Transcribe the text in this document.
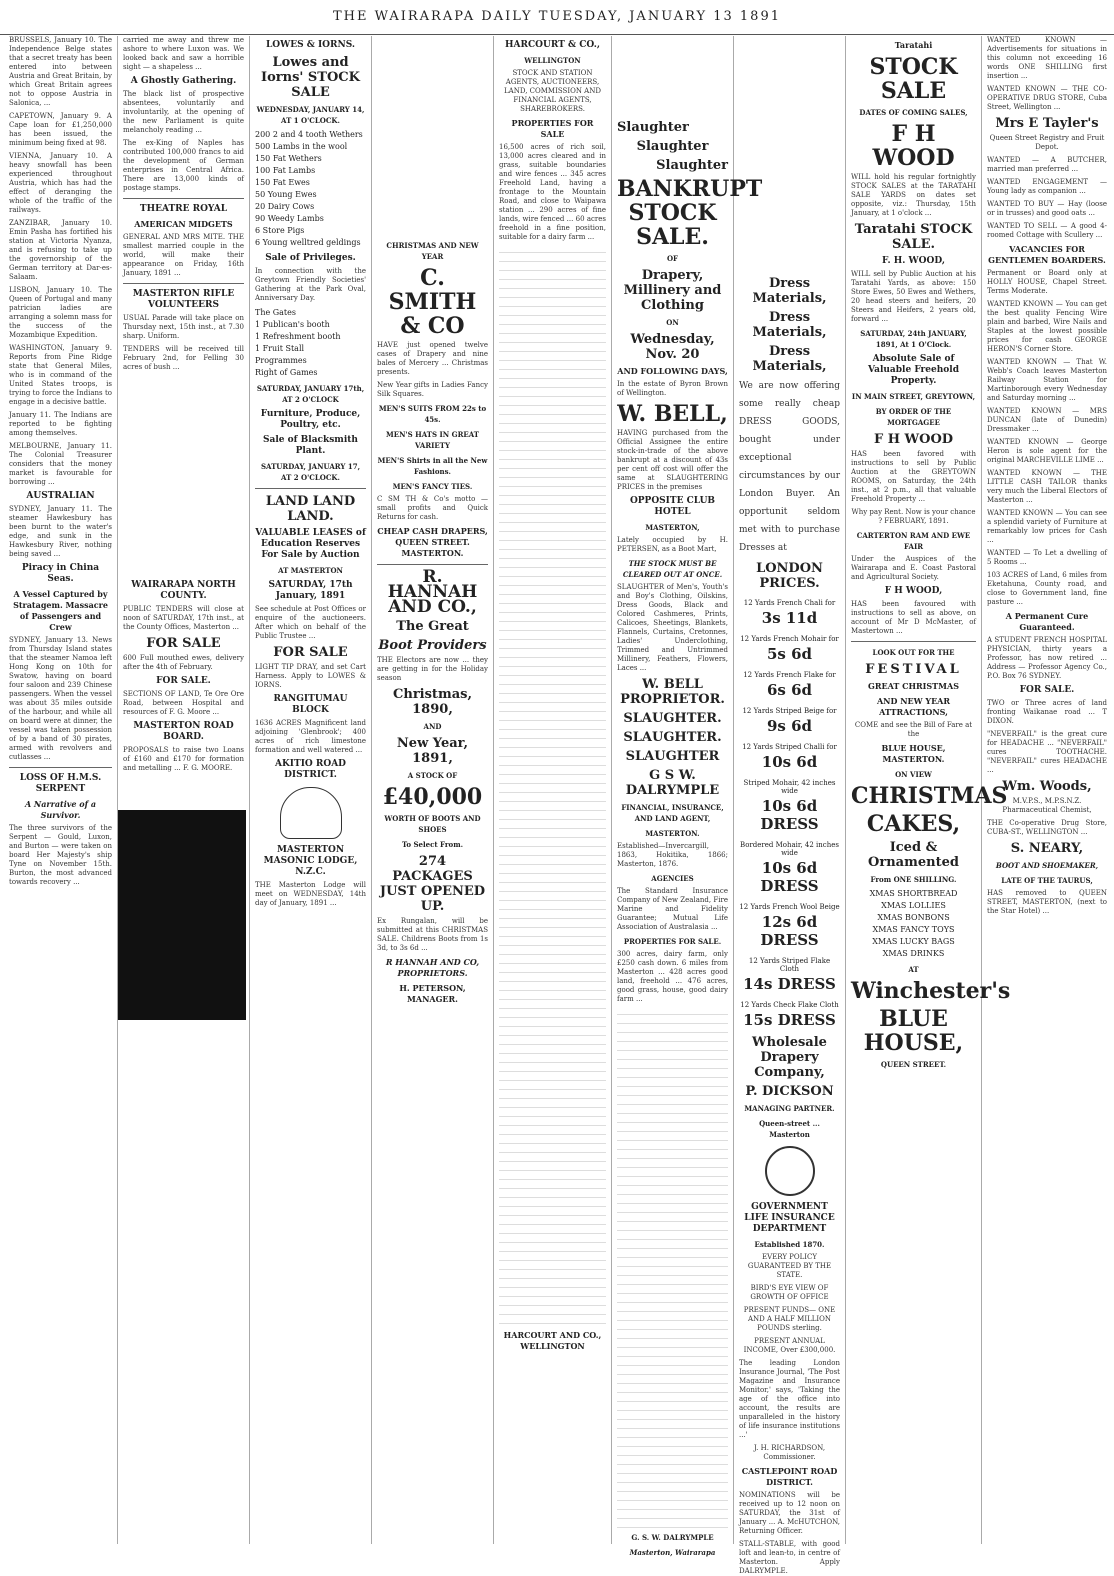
THE WAIRARAPA DAILY TUESDAY, JANUARY 13 1891

BRUSSELS, January 10. The Independence Belge states that a secret treaty has been entered into between Austria and Great Britain, by which Great Britain agrees not to oppose Austria in Salonica, ...

CAPETOWN, January 9. A Cape loan for £1,250,000 has been issued, the minimum being fixed at 98.

VIENNA, January 10. A heavy snowfall has been experienced throughout Austria, which has had the effect of deranging the whole of the traffic of the railways.

ZANZIBAR, January 10. Emin Pasha has fortified his station at Victoria Nyanza, and is refusing to take up the governorship of the German territory at Dar-es-Salaam.

LISBON, January 10. The Queen of Portugal and many patrician ladies are arranging a solemn mass for the success of the Mozambique Expedition.

WASHINGTON, January 9. Reports from Pine Ridge state that General Miles, who is in command of the United States troops, is trying to force the Indians to engage in a decisive battle.

January 11. The Indians are reported to be fighting among themselves.

MELBOURNE, January 11. The Colonial Treasurer considers that the money market is favourable for borrowing ...

AUSTRALIAN

SYDNEY, January 11. The steamer Hawkesbury has been burnt to the water's edge, and sunk in the Hawkesbury River, nothing being saved ...

Piracy in China Seas.
A Vessel Captured by Stratagem. Massacre of Passengers and Crew

SYDNEY, January 13. News from Thursday Island states that the steamer Namoa left Hong Kong on 10th for Swatow, having on board four saloon and 239 Chinese passengers. When the vessel was about 35 miles outside of the harbour, and while all on board were at dinner, the vessel was taken possession of by a band of 30 pirates, armed with revolvers and cutlasses ...

LOSS OF H.M.S. SERPENT
A Narrative of a Survivor.

The three survivors of the Serpent — Gould, Luxon, and Burton — were taken on board Her Majesty's ship Tyne on November 15th. Burton, the most advanced towards recovery ...

carried me away and threw me ashore to where Luxon was. We looked back and saw a horrible sight — a shapeless ...

A Ghostly Gathering.

The black list of prospective absentees, voluntarily and involuntarily, at the opening of the new Parliament is quite melancholy reading ...

The ex-King of Naples has contributed 100,000 francs to aid the development of German enterprises in Central Africa. There are 13,000 kinds of postage stamps.

THEATRE ROYAL
AMERICAN MIDGETS

GENERAL AND MRS MITE. THE smallest married couple in the world, will make their appearance on Friday, 16th January, 1891 ...

MASTERTON RIFLE VOLUNTEERS

USUAL Parade will take place on Thursday next, 15th inst., at 7.30 sharp. Uniform.

TENDERS will be received till February 2nd, for Felling 30 acres of bush ...

WAIRARAPA NORTH COUNTY.

PUBLIC TENDERS will close at noon of SATURDAY, 17th inst., at the County Offices, Masterton ...

FOR SALE

600 Full mouthed ewes, delivery after the 4th of February.

FOR SALE.

SECTIONS OF LAND, Te Ore Ore Road, between Hospital and resources of F. G. Moore ...

MASTERTON ROAD BOARD.

PROPOSALS to raise two Loans of £160 and £170 for formation and metalling ... F. G. MOORE.

LOWES & IORNS.
Lowes and Iorns' STOCK SALE
WEDNESDAY, JANUARY 14, AT 1 O'CLOCK.
200 2 and 4 tooth Wethers
500 Lambs in the wool
150 Fat Wethers
100 Fat Lambs
150 Fat Ewes
50 Young Ewes
20 Dairy Cows
90 Weedy Lambs
6 Store Pigs
6 Young welltred geldings
Sale of Privileges.

In connection with the Greytown Friendly Societies' Gathering at the Park Oval, Anniversary Day.

The Gates
1 Publican's booth
1 Refreshment booth
1 Fruit Stall
Programmes
Right of Games
SATURDAY, JANUARY 17th, AT 2 O'CLOCK
Furniture, Produce, Poultry, etc.
Sale of Blacksmith Plant.
SATURDAY, JANUARY 17, AT 2 O'CLOCK.
LAND LAND LAND.
VALUABLE LEASES of Education Reserves For Sale by Auction
AT MASTERTON
SATURDAY, 17th January, 1891

See schedule at Post Offices or enquire of the auctioneers. After which on behalf of the Public Trustee ...

FOR SALE

LIGHT TIP DRAY, and set Cart Harness. Apply to LOWES & IORNS.

RANGITUMAU BLOCK

1636 ACRES Magnificent land adjoining 'Glenbrook'; 400 acres of rich limestone formation and well watered ...

AKITIO ROAD DISTRICT.
MASTERTON MASONIC LODGE, N.Z.C.

THE Masterton Lodge will meet on WEDNESDAY, 14th day of January, 1891 ...

CHRISTMAS AND NEW YEAR
C. SMITH & CO

HAVE just opened twelve cases of Drapery and nine bales of Mercery ... Christmas presents.

New Year gifts in Ladies Fancy Silk Squares.

MEN'S SUITS FROM 22s to 45s.
MEN'S HATS IN GREAT VARIETY
MEN'S Shirts in all the New Fashions.
MEN'S FANCY TIES.

C SM TH & Co's motto — small profits and Quick Returns for cash.

CHEAP CASH DRAPERS, QUEEN STREET. MASTERTON.
R. HANNAH AND CO.,
The Great
Boot Providers

THE Electors are now ... they are getting in for the Holiday season

Christmas, 1890,
AND
New Year, 1891,
A STOCK OF
£40,000
WORTH OF BOOTS AND SHOES
To Select From.
274 PACKAGES JUST OPENED UP.

Ex Rungalan, will be submitted at this CHRISTMAS SALE. Childrens Boots from 1s 3d, to 3s 6d ...

R HANNAH AND CO, PROPRIETORS.
H. PETERSON, MANAGER.
HARCOURT & CO.,
WELLINGTON

STOCK AND STATION AGENTS, AUCTIONEERS, LAND, COMMISSION AND FINANCIAL AGENTS, SHAREBROKERS.

PROPERTIES FOR SALE

16,500 acres of rich soil, 13,000 acres cleared and in grass, suitable boundaries and wire fences ... 345 acres Freehold Land, having a frontage to the Mountain Road, and close to Waipawa station ... 290 acres of fine lands, wire fenced ... 60 acres freehold in a fine position, suitable for a dairy farm ...

HARCOURT AND CO., WELLINGTON
Slaughter
Slaughter
Slaughter
BANKRUPT STOCK SALE.
OF
Drapery, Millinery and Clothing
ON
Wednesday, Nov. 20
AND FOLLOWING DAYS,

In the estate of Byron Brown of Wellington.

W. BELL,

HAVING purchased from the Official Assignee the entire stock-in-trade of the above bankrupt at a discount of 43s per cent off cost will offer the same at SLAUGHTERING PRICES in the premises

OPPOSITE CLUB HOTEL
MASTERTON,

Lately occupied by H. PETERSEN, as a Boot Mart,

THE STOCK MUST BE CLEARED OUT AT ONCE.

SLAUGHTER of Men's, Youth's and Boy's Clothing, Oilskins, Dress Goods, Black and Colored Cashmeres, Prints, Calicoes, Sheetings, Blankets, Flannels, Curtains, Cretonnes, Ladies' Underclothing, Trimmed and Untrimmed Millinery, Feathers, Flowers, Laces ...

W. BELL PROPRIETOR.
SLAUGHTER.
SLAUGHTER.
SLAUGHTER
G S W. DALRYMPLE
FINANCIAL, INSURANCE, AND LAND AGENT,
MASTERTON.

Established—Invercargill, 1863, Hokitika, 1866; Masterton, 1876.

AGENCIES

The Standard Insurance Company of New Zealand, Fire Marine and Fidelity Guarantee; Mutual Life Association of Australasia ...

PROPERTIES FOR SALE.

300 acres, dairy farm, only £250 cash down. 6 miles from Masterton ... 428 acres good land, freehold ... 476 acres, good grass, house, good dairy farm ...

G. S. W. DALRYMPLE
Masterton, Wairarapa
Dress Materials,
Dress Materials,
Dress Materials,

We are now offering some really cheap DRESS GOODS, bought under exceptional circumstances by our London Buyer. An opportunit seldom met with to purchase Dresses at

LONDON PRICES.
12 Yards French Chali for
3s 11d
12 Yards French Mohair for
5s 6d
12 Yards French Flake for
6s 6d
12 Yards Striped Beige for
9s 6d
12 Yards Striped Challi for
10s 6d
Striped Mohair, 42 inches wide
10s 6d DRESS
Bordered Mohair, 42 inches wide
10s 6d DRESS
12 Yards French Wool Beige
12s 6d DRESS
12 Yards Striped Flake Cloth
14s DRESS
12 Yards Check Flake Cloth
15s DRESS
Wholesale Drapery Company,
P. DICKSON
MANAGING PARTNER.
Queen-street ... Masterton
GOVERNMENT LIFE INSURANCE DEPARTMENT
Established 1870.

EVERY POLICY GUARANTEED BY THE STATE.

BIRD'S EYE VIEW OF GROWTH OF OFFICE

PRESENT FUNDS— ONE AND A HALF MILLION POUNDS sterling.

PRESENT ANNUAL INCOME, Over £300,000.

The leading London Insurance Journal, 'The Post Magazine and Insurance Monitor,' says, 'Taking the age of the office into account, the results are unparalleled in the history of life insurance institutions ...'

J. H. RICHARDSON, Commissioner.

CASTLEPOINT ROAD DISTRICT.

NOMINATIONS will be received up to 12 noon on SATURDAY, the 31st of January ... A. McHUTCHON, Returning Officer.

STALL-STABLE, with good loft and lean-to, in centre of Masterton. Apply DALRYMPLE.

Taratahi
STOCK SALE
DATES OF COMING SALES,
F H WOOD

WILL hold his regular fortnightly STOCK SALES at the TARATAHI SALE YARDS on dates set opposite, viz.: Thursday, 15th January, at 1 o'clock ...

Taratahi STOCK SALE.
F. H. WOOD,

WILL sell by Public Auction at his Taratahi Yards, as above: 150 Store Ewes, 50 Ewes and Wethers, 20 head steers and heifers, 20 Steers and Heifers, 2 years old, forward ...

SATURDAY, 24th JANUARY, 1891, At 1 O'Clock.
Absolute Sale of Valuable Freehold Property.
IN MAIN STREET, GREYTOWN,
BY ORDER OF THE MORTGAGEE
F H WOOD

HAS been favored with instructions to sell by Public Auction at the GREYTOWN ROOMS, on Saturday, the 24th inst., at 2 p.m., all that valuable Freehold Property ...

Why pay Rent. Now is your chance ? FEBRUARY, 1891.

CARTERTON RAM AND EWE FAIR

Under the Auspices of the Wairarapa and E. Coast Pastoral and Agricultural Society.

F H WOOD,

HAS been favoured with instructions to sell as above, on account of Mr D McMaster, of Mastertown ...

LOOK OUT FOR THE
FESTIVAL
GREAT CHRISTMAS
AND NEW YEAR ATTRACTIONS,

COME and see the Bill of Fare at the

BLUE HOUSE, MASTERTON.
ON VIEW
CHRISTMAS
CAKES,
Iced & Ornamented
From ONE SHILLING.
XMAS SHORTBREAD
XMAS LOLLIES
XMAS BONBONS
XMAS FANCY TOYS
XMAS LUCKY BAGS
XMAS DRINKS
AT
Winchester's
BLUE HOUSE,
QUEEN STREET.

WANTED KNOWN — Advertisements for situations in this column not exceeding 16 words ONE SHILLING first insertion ...

WANTED KNOWN — THE CO-OPERATIVE DRUG STORE, Cuba Street, Wellington ...

Mrs E Tayler's

Queen Street Registry and Fruit Depot.

WANTED — A BUTCHER, married man preferred ...

WANTED ENGAGEMENT — Young lady as companion ...

WANTED TO BUY — Hay (loose or in trusses) and good oats ...

WANTED TO SELL — A good 4-roomed Cottage with Scullery ...

VACANCIES FOR GENTLEMEN BOARDERS.

Permanent or Board only at HOLLY HOUSE, Chapel Street. Terms Moderate.

WANTED KNOWN — You can get the best quality Fencing Wire plain and barbed, Wire Nails and Staples at the lowest possible prices for cash GEORGE HERON'S Corner Store.

WANTED KNOWN — That W. Webb's Coach leaves Masterton Railway Station for Martinborough every Wednesday and Saturday morning ...

WANTED KNOWN — MRS DUNCAN (late of Dunedin) Dressmaker ...

WANTED KNOWN — George Heron is sole agent for the original MARCHEVILLE LIME ...

WANTED KNOWN — THE LITTLE CASH TAILOR thanks very much the Liberal Electors of Masterton ...

WANTED KNOWN — You can see a splendid variety of Furniture at remarkably low prices for Cash ...

WANTED — To Let a dwelling of 5 Rooms ...

103 ACRES of Land, 6 miles from Eketahuna, County road, and close to Government land, fine pasture ...

A Permanent Cure Guaranteed.

A STUDENT FRENCH HOSPITAL PHYSICIAN, thirty years a Professor, has now retired ... Address — Professor Agency Co., P.O. Box 76 SYDNEY.

FOR SALE.

TWO or Three acres of land fronting Waikanae road ... T DIXON.

"NEVERFAIL" is the great cure for HEADACHE ... "NEVERFAIL" cures TOOTHACHE. "NEVERFAIL" cures HEADACHE ...

Wm. Woods,

M.V.P.S., M.P.S.N.Z. Pharmaceutical Chemist,

THE Co-operative Drug Store, CUBA-ST., WELLINGTON ...

S. NEARY,
BOOT AND SHOEMAKER,
LATE OF THE TAURUS,

HAS removed to QUEEN STREET, MASTERTON, (next to the Star Hotel) ...
